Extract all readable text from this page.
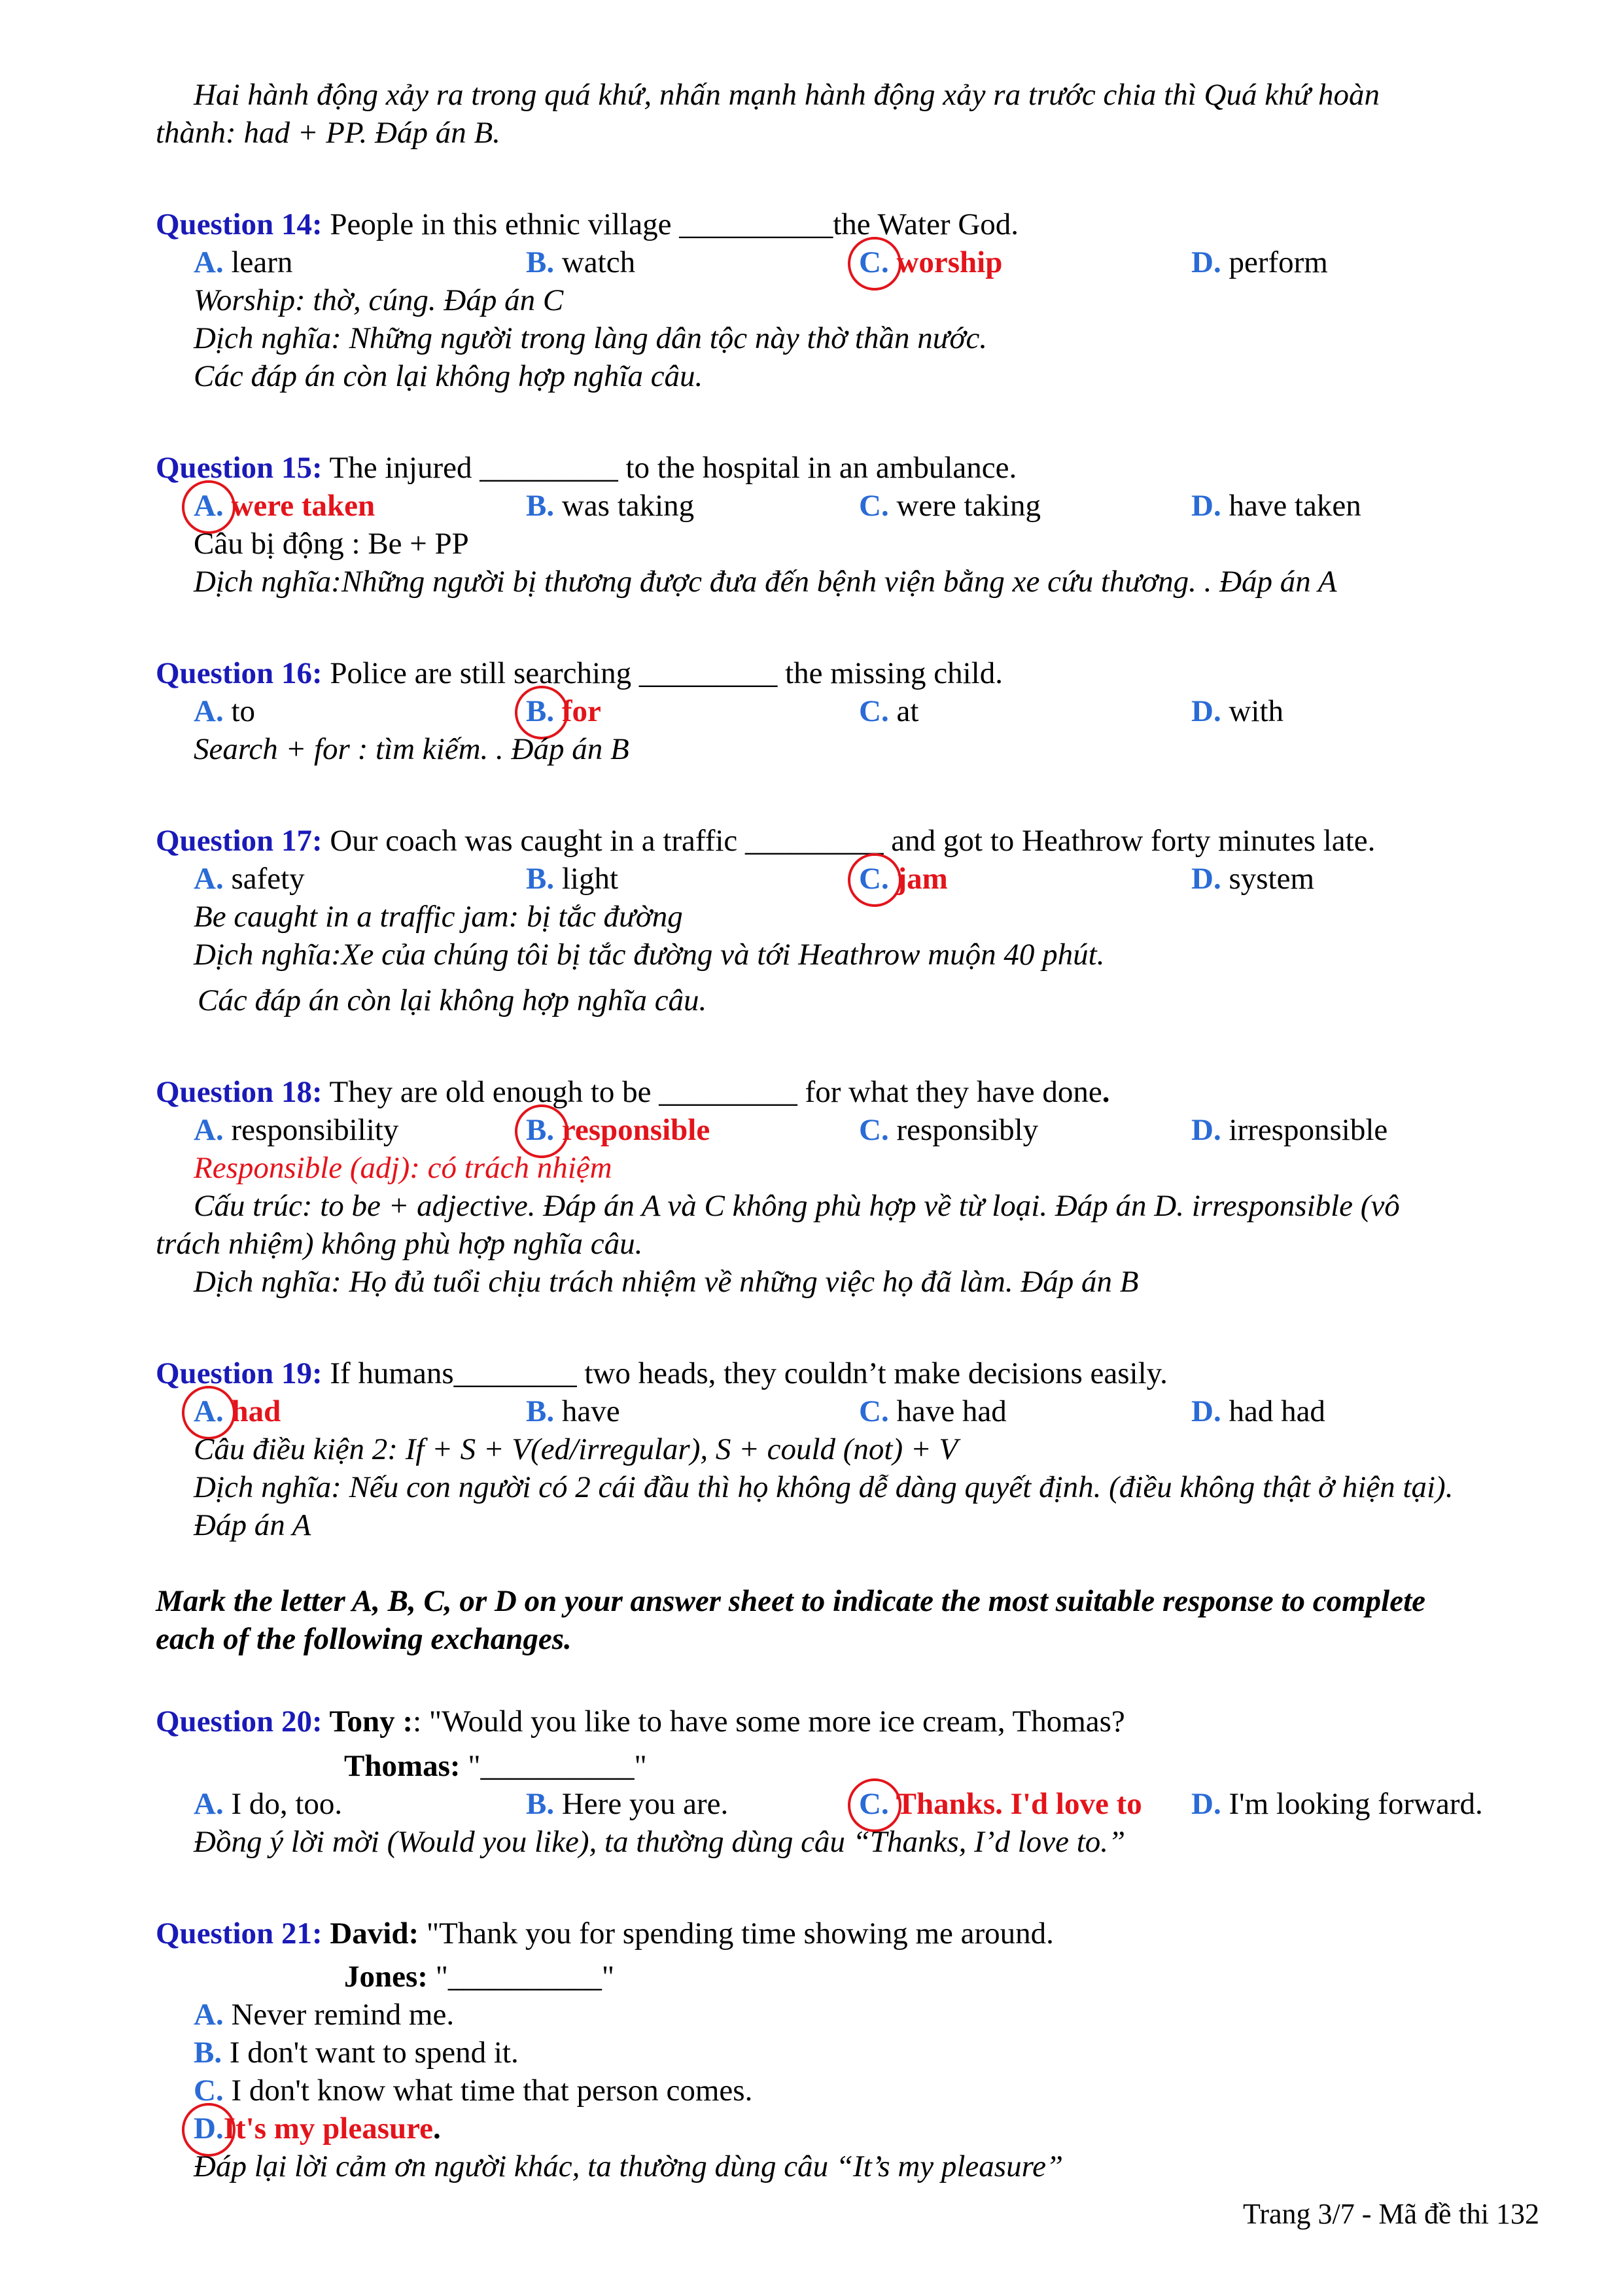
Hai hành động xảy ra trong quá khứ, nhấn mạnh hành động xảy ra trước chia thì Quá khứ hoàn
thành: had + PP. Đáp án B.
Question 14: People in this ethnic village __________the Water God.
A. learn	B. watch	C. worship	D. perform
Worship: thờ, cúng. Đáp án C
Dịch nghĩa: Những người trong làng dân tộc này thờ thần nước.
Các đáp án còn lại không hợp nghĩa câu.
Question 15: The injured _________ to the hospital in an ambulance.
A. were taken	B. was taking	C. were taking	D. have taken
Câu bị động : Be + PP
Dịch nghĩa:Những người bị thương được đưa đến bệnh viện bằng xe cứu thương. . Đáp án A
Question 16: Police are still searching _________ the missing child.
A. to	B. for	C. at	D. with
Search + for : tìm kiếm. . Đáp án B
Question 17: Our coach was caught in a traffic _________ and got to Heathrow forty minutes late.
A. safety	B. light	C. jam	D. system
Be caught in a traffic jam: bị tắc đường
Dịch nghĩa:Xe của chúng tôi bị tắc đường và tới Heathrow muộn 40 phút.
Các đáp án còn lại không hợp nghĩa câu.
Question 18: They are old enough to be _________ for what they have done.
A. responsibility	B. responsible	C. responsibly	D. irresponsible
Responsible (adj): có trách nhiệm
Cấu trúc: to be + adjective. Đáp án A và C không phù hợp về từ loại. Đáp án D. irresponsible (vô
trách nhiệm) không phù hợp nghĩa câu.
Dịch nghĩa: Họ đủ tuổi chịu trách nhiệm về những việc họ đã làm. Đáp án B
Question 19: If humans________ two heads, they couldn’t make decisions easily.
A. had	B. have	C. have had	D. had had
Câu điều kiện 2: If + S + V(ed/irregular), S + could (not) + V
Dịch nghĩa: Nếu con người có 2 cái đầu thì họ không dễ dàng quyết định. (điều không thật ở hiện tại).
Đáp án A
Mark the letter A, B, C, or D on your answer sheet to indicate the most suitable response to complete
each of the following exchanges.
Question 20: Tony :: "Would you like to have some more ice cream, Thomas?
Thomas: "__________"
A. I do, too.	B. Here you are.	C. Thanks. I'd love to D. I'm looking forward.
Đồng ý lời mời (Would you like), ta thường dùng câu “Thanks, I’d love to.”
Question 21: David: "Thank you for spending time showing me around.
Jones: "__________"
A. Never remind me.
B. I don't want to spend it.
C. I don't know what time that person comes.
D.It's my pleasure.
Đáp lại lời cảm ơn người khác, ta thường dùng câu “It’s my pleasure”
Trang 3/7 - Mã đề thi 132
